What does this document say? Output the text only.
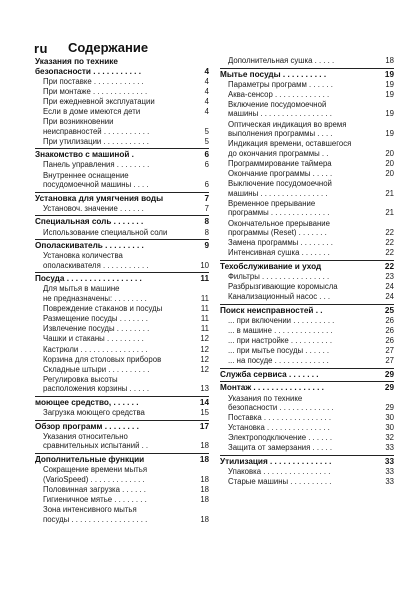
ru Содержание
Указания по технике
безопасности . . . . . . . . . . .	4
При поставке . . . . . . . . . . . .	4
При монтаже . . . . . . . . . . . . .	4
При ежедневной эксплуатации	4
Если в доме имеются дети	4
При возникновении
неисправностей . . . . . . . . . . .	5
При утилизации . . . . . . . . . . .	5
Знакомство с машиной .	6
Панель управления . . . . . . . .	6
Внутреннее оснащение
посудомоечной машины . . . .	6
Установка для умягчения воды	7
Установоч. значение . . . . . .	7
Специальная соль . . . . . . .	8
Использование специальной соли	8
Ополаскиватель . . . . . . . . .	9
Установка количества
ополаскивателя . . . . . . . . . . .	10
Посуда . . . . . . . . . . . . . . . . .	11
Для мытья в машине
не предназначены: . . . . . . . .	11
Повреждение стаканов и посуды	11
Размещение посуды . . . . . . .	11
Извлечение посуды . . . . . . . .	11
Чашки и стаканы . . . . . . . . .	12
Кастрюли . . . . . . . . . . . . . . . .	12
Корзина для столовых приборов	12
Складные штыри . . . . . . . . . .	12
Регулировка высоты
расположения корзины . . . . .	13
моющее средство, . . . . . .	14
Загрузка моющего средства	15
Обзор программ . . . . . . . .	17
Указания относительно
сравнительных испытаний . .	18
Дополнительные функции	18
Сокращение времени мытья
(VarioSpeed) . . . . . . . . . . . . .	18
Половинная загрузка . . . . . .	18
Гигиеничное мятье . . . . . . . .	18
Зона интенсивного мытья
посуды . . . . . . . . . . . . . . . . . .	18
Дополнительная сушка . . . . .	18
Мытье посуды . . . . . . . . . .	19
Параметры программ . . . . . .	19
Аква-сенсор . . . . . . . . . . . . .	19
Включение посудомоечной
машины . . . . . . . . . . . . . . . . .	19
Оптическая индикация во время
выполнения программы . . . .	19
Индикация времени, оставшегося
до окончания программы . .	20
Программирование таймера	20
Окончание программы . . . . .	20
Выключение посудомоечной
машины . . . . . . . . . . . . . . . .	21
Временное прерывание
программы . . . . . . . . . . . . . .	21
Окончательное прерывание
программы (Reset) . . . . . . .	22
Замена программы . . . . . . . .	22
Интенсивная сушка . . . . . . .	22
Техобслуживание и уход	22
Фильтры . . . . . . . . . . . . . . . .	23
Разбрызгивающие коромысла	24
Канализационный насос . . .	24
Поиск неисправностей . .	25
... при включении . . . . . . . . . .	26
... в машине . . . . . . . . . . . . . .	26
... при настройке . . . . . . . . . .	26
... при мытье посуды . . . . . .	27
... на посуде . . . . . . . . . . . . .	27
Служба сервиса . . . . . . .	29
Монтаж . . . . . . . . . . . . . . . .	29
Указания по технике
безопасности . . . . . . . . . . . . .	29
Поставка . . . . . . . . . . . . . . . .	30
Установка . . . . . . . . . . . . . . .	30
Электроподключение . . . . . .	32
Защита от замерзания . . . . .	33
Утилизация . . . . . . . . . . . . . .	33
Упаковка . . . . . . . . . . . . . . . .	33
Старые машины . . . . . . . . . .	33
